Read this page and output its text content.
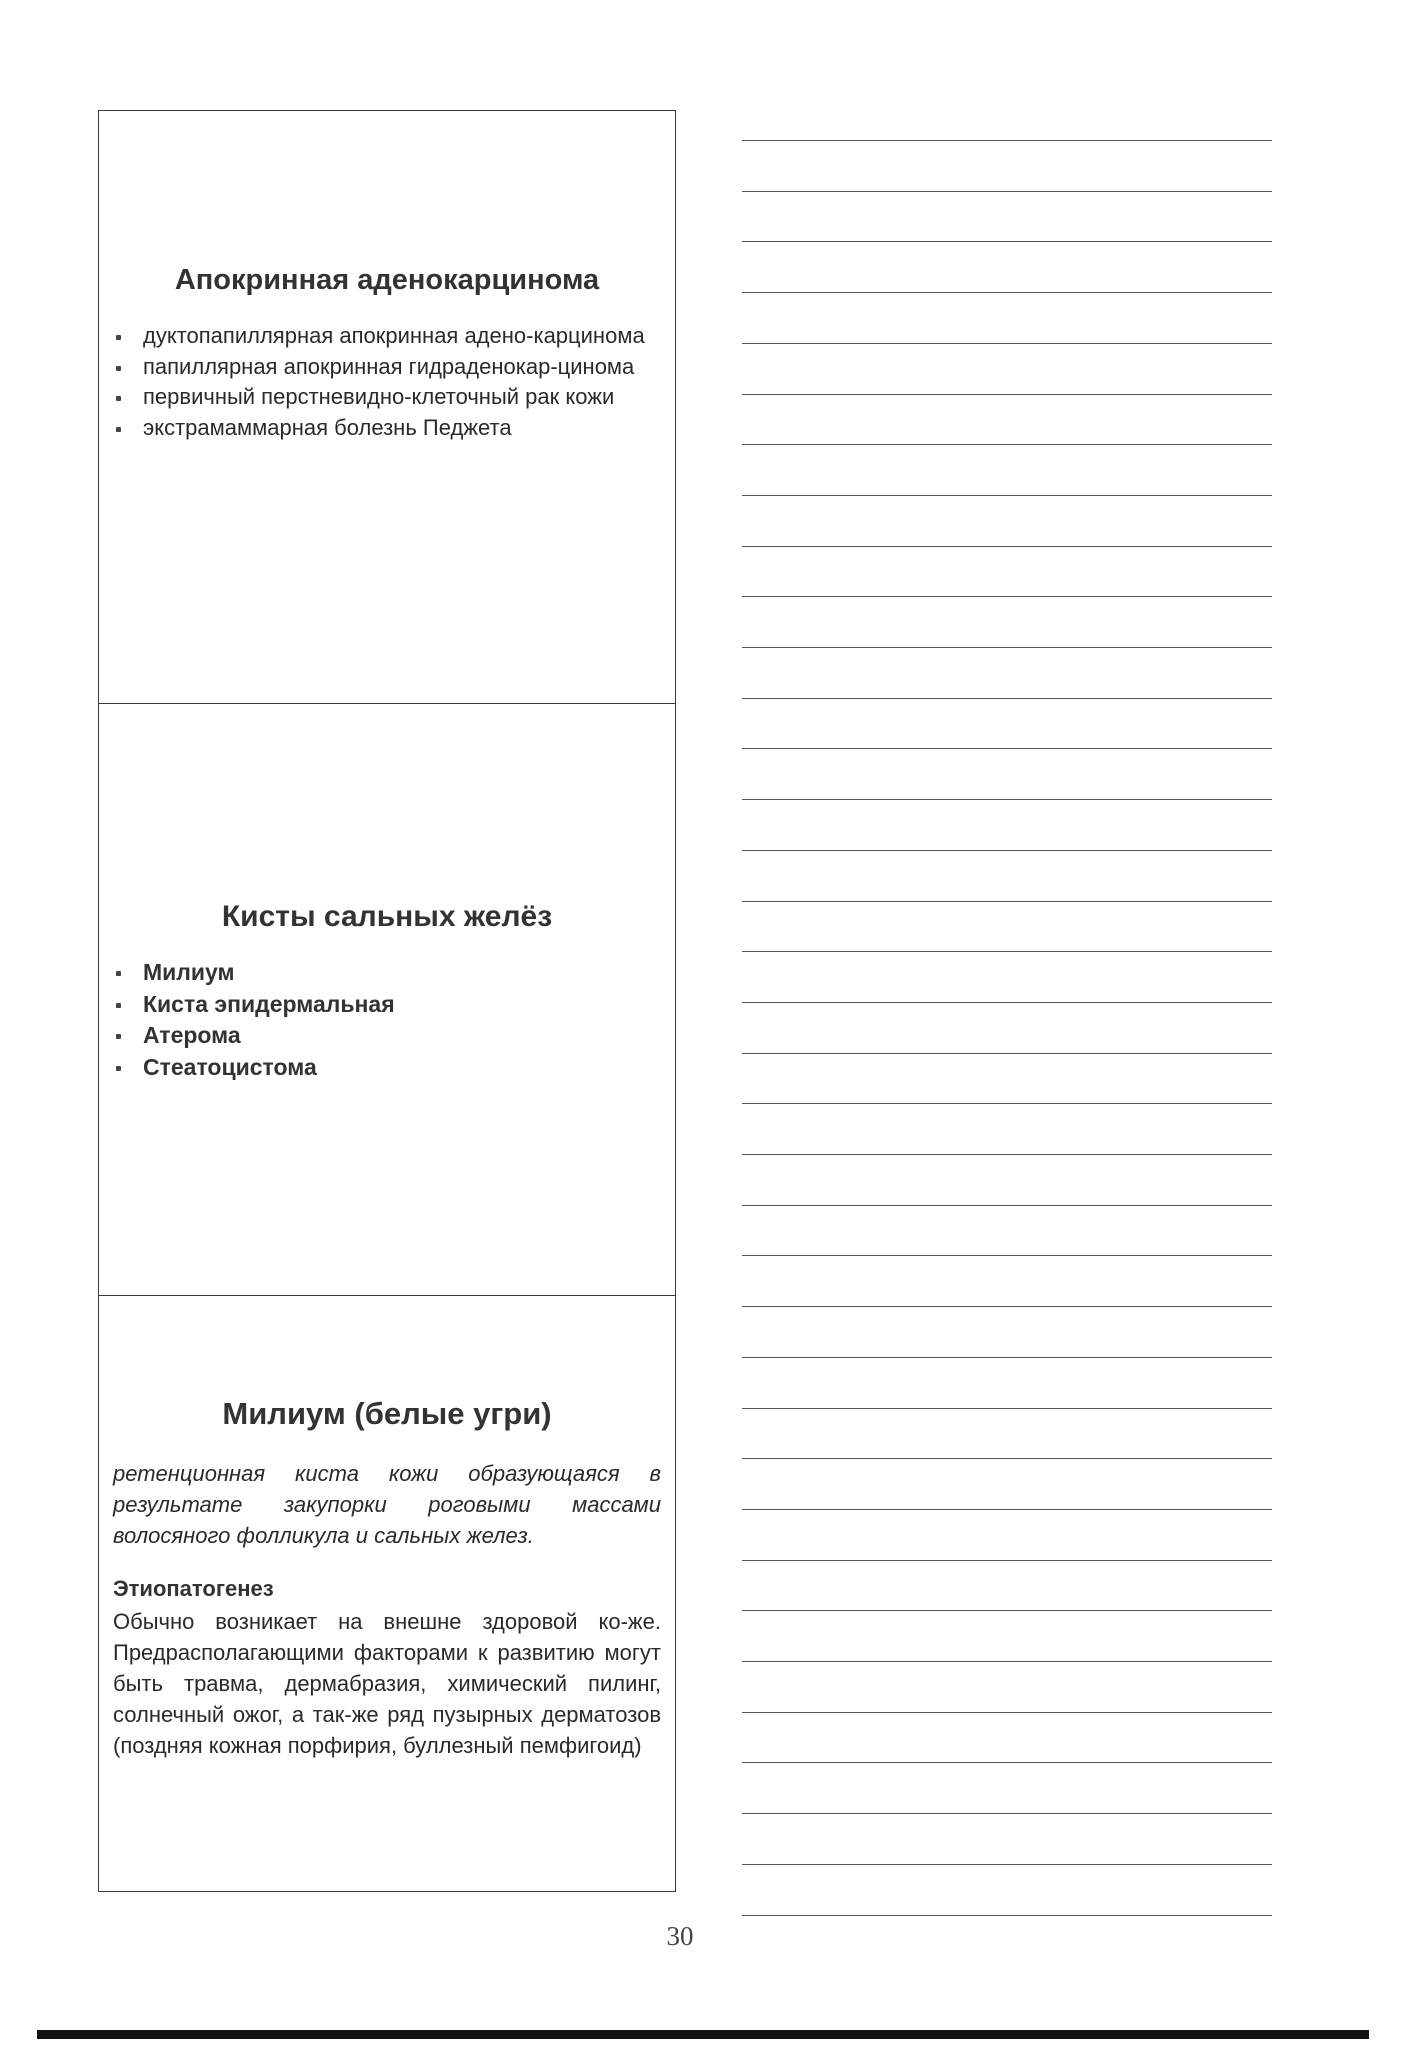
Апокринная аденокарцинома
дуктопапиллярная апокринная адено-карцинома
папиллярная апокринная гидраденокар-цинома
первичный перстневидно-клеточный рак кожи
экстрамаммарная болезнь Педжета
Кисты сальных желёз
Милиум
Киста эпидермальная
Атерома
Стеатоцистома
Милиум (белые угри)

ретенционная киста кожи образующаяся в результате закупорки роговыми массами волосяного фолликула и сальных желез.

Этиопатогенез

Обычно возникает на внешне здоровой ко-же. Предрасполагающими факторами к развитию могут быть травма, дермабразия, химический пилинг, солнечный ожог, а так-же ряд пузырных дерматозов (поздняя кожная порфирия, буллезный пемфигоид)

30
